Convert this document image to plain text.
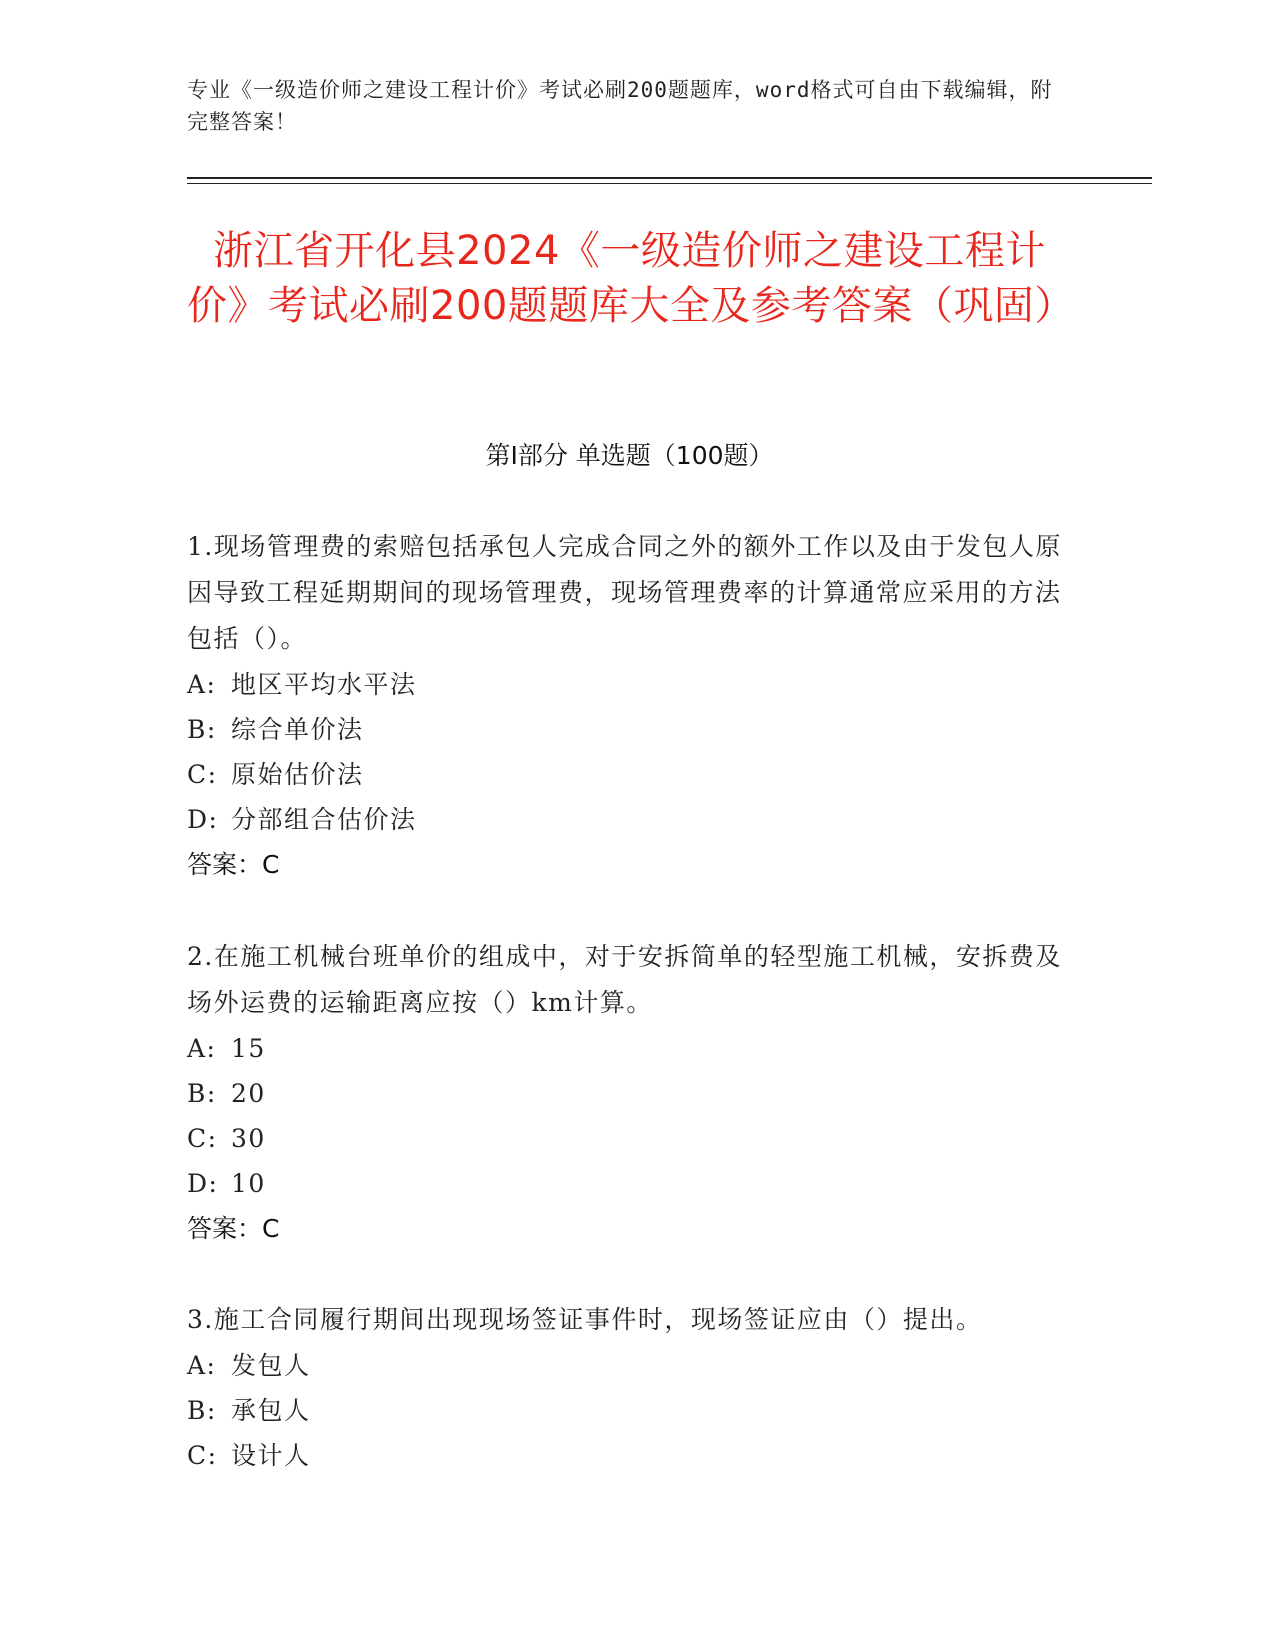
专业《一级造价师之建设工程计价》考试必刷200题题库，word格式可自由下载编辑，附完整答案！
浙江省开化县2024《一级造价师之建设工程计价》考试必刷200题题库大全及参考答案（巩固）
第I部分 单选题（100题）

1.现场管理费的索赔包括承包人完成合同之外的额外工作以及由于发包人原因导致工程延期期间的现场管理费，现场管理费率的计算通常应采用的方法包括（）。

A: 地区平均水平法
B: 综合单价法
C: 原始估价法
D: 分部组合估价法
答案：C

2.在施工机械台班单价的组成中，对于安拆简单的轻型施工机械，安拆费及场外运费的运输距离应按（）km计算。

A: 15
B: 20
C: 30
D: 10
答案：C

3.施工合同履行期间出现现场签证事件时，现场签证应由（）提出。

A: 发包人
B: 承包人
C: 设计人
